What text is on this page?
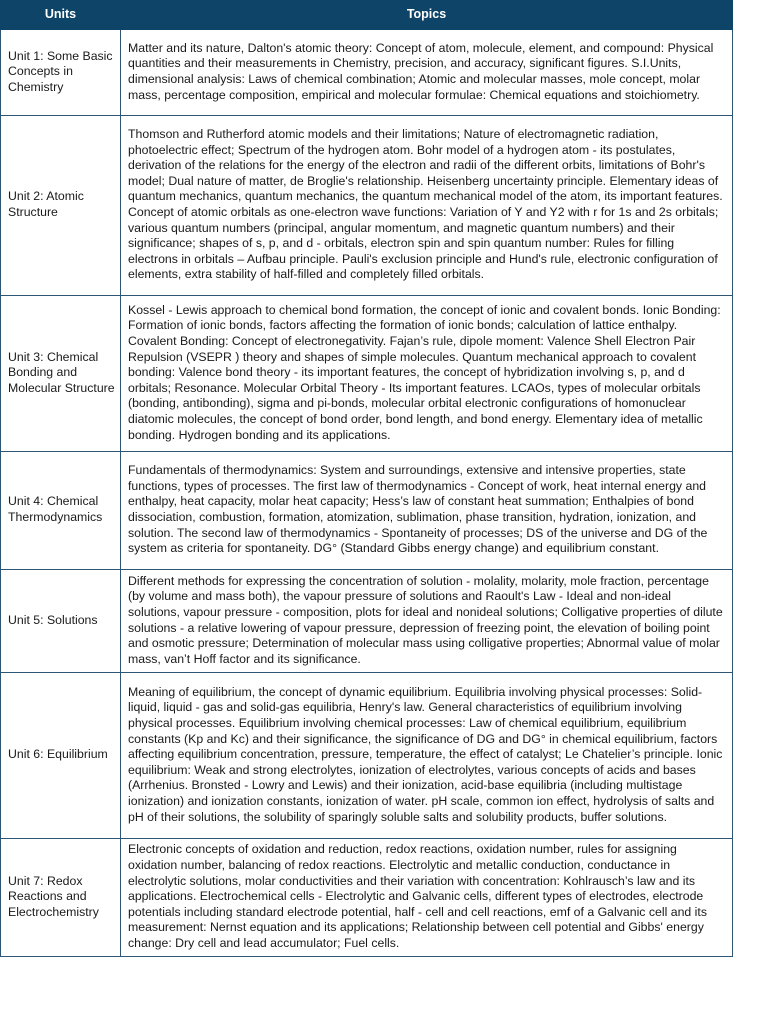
Units	Topics
Unit 1: Some Basic Concepts in Chemistry	Matter and its nature, Dalton's atomic theory: Concept of atom, molecule, element, and compound: Physical quantities and their measurements in Chemistry, precision, and accuracy, significant figures. S.I.Units, dimensional analysis: Laws of chemical combination; Atomic and molecular masses, mole concept, molar mass, percentage composition, empirical and molecular formulae: Chemical equations and stoichiometry.
Unit 2: Atomic Structure	Thomson and Rutherford atomic models and their limitations; Nature of electromagnetic radiation, photoelectric effect; Spectrum of the hydrogen atom. Bohr model of a hydrogen atom - its postulates, derivation of the relations for the energy of the electron and radii of the different orbits, limitations of Bohr's model; Dual nature of matter, de Broglie's relationship. Heisenberg uncertainty principle. Elementary ideas of quantum mechanics, quantum mechanics, the quantum mechanical model of the atom, its important features. Concept of atomic orbitals as one-electron wave functions: Variation of Y and Y2 with r for 1s and 2s orbitals; various quantum numbers (principal, angular momentum, and magnetic quantum numbers) and their significance; shapes of s, p, and d - orbitals, electron spin and spin quantum number: Rules for filling electrons in orbitals – Aufbau principle. Pauli's exclusion principle and Hund's rule, electronic configuration of elements, extra stability of half-filled and completely filled orbitals.
Unit 3: Chemical Bonding and Molecular Structure	Kossel - Lewis approach to chemical bond formation, the concept of ionic and covalent bonds. Ionic Bonding: Formation of ionic bonds, factors affecting the formation of ionic bonds; calculation of lattice enthalpy. Covalent Bonding: Concept of electronegativity. Fajan’s rule, dipole moment: Valence Shell Electron Pair Repulsion (VSEPR ) theory and shapes of simple molecules. Quantum mechanical approach to covalent bonding: Valence bond theory - its important features, the concept of hybridization involving s, p, and d orbitals; Resonance. Molecular Orbital Theory - Its important features. LCAOs, types of molecular orbitals (bonding, antibonding), sigma and pi-bonds, molecular orbital electronic configurations of homonuclear diatomic molecules, the concept of bond order, bond length, and bond energy. Elementary idea of metallic bonding. Hydrogen bonding and its applications.
Unit 4: Chemical Thermodynamics	Fundamentals of thermodynamics: System and surroundings, extensive and intensive properties, state functions, types of processes. The first law of thermodynamics - Concept of work, heat internal energy and enthalpy, heat capacity, molar heat capacity; Hess’s law of constant heat summation; Enthalpies of bond dissociation, combustion, formation, atomization, sublimation, phase transition, hydration, ionization, and solution. The second law of thermodynamics - Spontaneity of processes; DS of the universe and DG of the system as criteria for spontaneity. DG° (Standard Gibbs energy change) and equilibrium constant.
Unit 5: Solutions	Different methods for expressing the concentration of solution - molality, molarity, mole fraction, percentage (by volume and mass both), the vapour pressure of solutions and Raoult's Law - Ideal and non-ideal solutions, vapour pressure - composition, plots for ideal and nonideal solutions; Colligative properties of dilute solutions - a relative lowering of vapour pressure, depression of freezing point, the elevation of boiling point and osmotic pressure; Determination of molecular mass using colligative properties; Abnormal value of molar mass, van’t Hoff factor and its significance.
Unit 6: Equilibrium	Meaning of equilibrium, the concept of dynamic equilibrium. Equilibria involving physical processes: Solid-liquid, liquid - gas and solid-gas equilibria, Henry's law. General characteristics of equilibrium involving physical processes. Equilibrium involving chemical processes: Law of chemical equilibrium, equilibrium constants (Kp and Kc) and their significance, the significance of DG and DG° in chemical equilibrium, factors affecting equilibrium concentration, pressure, temperature, the effect of catalyst; Le Chatelier’s principle. Ionic equilibrium: Weak and strong electrolytes, ionization of electrolytes, various concepts of acids and bases (Arrhenius. Bronsted - Lowry and Lewis) and their ionization, acid-base equilibria (including multistage ionization) and ionization constants, ionization of water. pH scale, common ion effect, hydrolysis of salts and pH of their solutions, the solubility of sparingly soluble salts and solubility products, buffer solutions.
Unit 7: Redox Reactions and Electrochemistry	Electronic concepts of oxidation and reduction, redox reactions, oxidation number, rules for assigning oxidation number, balancing of redox reactions. Electrolytic and metallic conduction, conductance in electrolytic solutions, molar conductivities and their variation with concentration: Kohlrausch’s law and its applications. Electrochemical cells - Electrolytic and Galvanic cells, different types of electrodes, electrode potentials including standard electrode potential, half - cell and cell reactions, emf of a Galvanic cell and its measurement: Nernst equation and its applications; Relationship between cell potential and Gibbs' energy change: Dry cell and lead accumulator; Fuel cells.
